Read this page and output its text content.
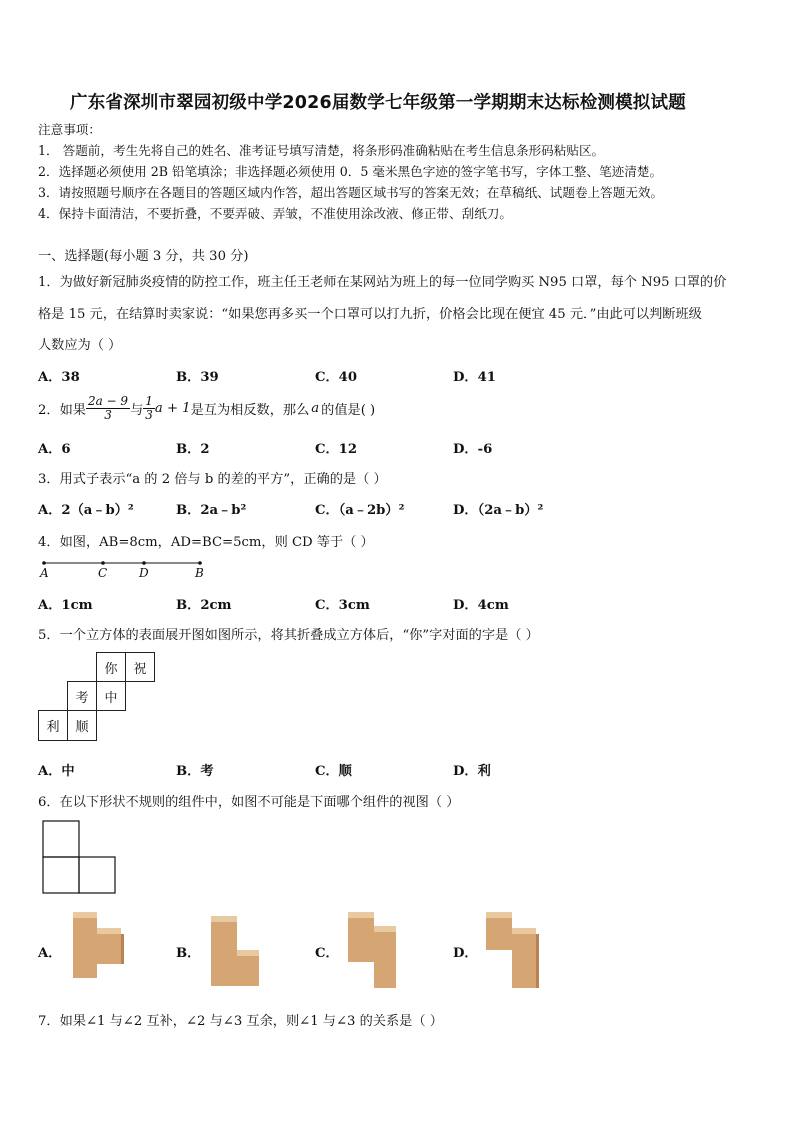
广东省深圳市翠园初级中学2026届数学七年级第一学期期末达标检测模拟试题
注意事项：
1． 答题前，考生先将自己的姓名、准考证号填写清楚，将条形码准确粘贴在考生信息条形码粘贴区。
2．选择题必须使用 2B 铅笔填涂；非选择题必须使用 0．5 毫米黑色字迹的签字笔书写，字体工整、笔迹清楚。
3．请按照题号顺序在各题目的答题区域内作答，超出答题区域书写的答案无效；在草稿纸、试题卷上答题无效。
4．保持卡面清洁，不要折叠，不要弄破、弄皱，不准使用涂改液、修正带、刮纸刀。
一、选择题(每小题 3 分，共 30 分)
1．为做好新冠肺炎疫情的防控工作，班主任王老师在某网站为班上的每一位同学购买 N95 口罩，每个 N95 口罩的价
格是 15 元，在结算时卖家说：“如果您再多买一个口罩可以打九折，价格会比现在便宜 45 元．”由此可以判断班级
人数应为（ ）
A．38	B．39	C．40	D．41
2．如果 $\frac{2a - 9}{3}$ 与 $\frac{1}{3}$ a + 1 是互为相反数，那么 a 的值是( )
A．6	B．2	C．12	D．-6
3．用式子表示“a 的 2 倍与 b 的差的平方”，正确的是（ ）
A．2（a﹣b）²	B．2a﹣b²	C．（a﹣2b）²	D．（2a﹣b）²
4．如图，AB=8cm，AD=BC=5cm，则 CD 等于（ ）
A	C	D	B
A．1cm	B．2cm	C．3cm	D．4cm
5．一个立方体的表面展开图如图所示，将其折叠成立方体后，“你”字对面的字是（ ）
你	祝
考	中
利	顺
A．中	B．考	C．顺	D．利
6．在以下形状不规则的组件中，如图不可能是下面哪个组件的视图（ ）
A．	B．	C．	D．
7．如果∠1 与∠2 互补，∠2 与∠3 互余，则∠1 与∠3 的关系是（ ）
